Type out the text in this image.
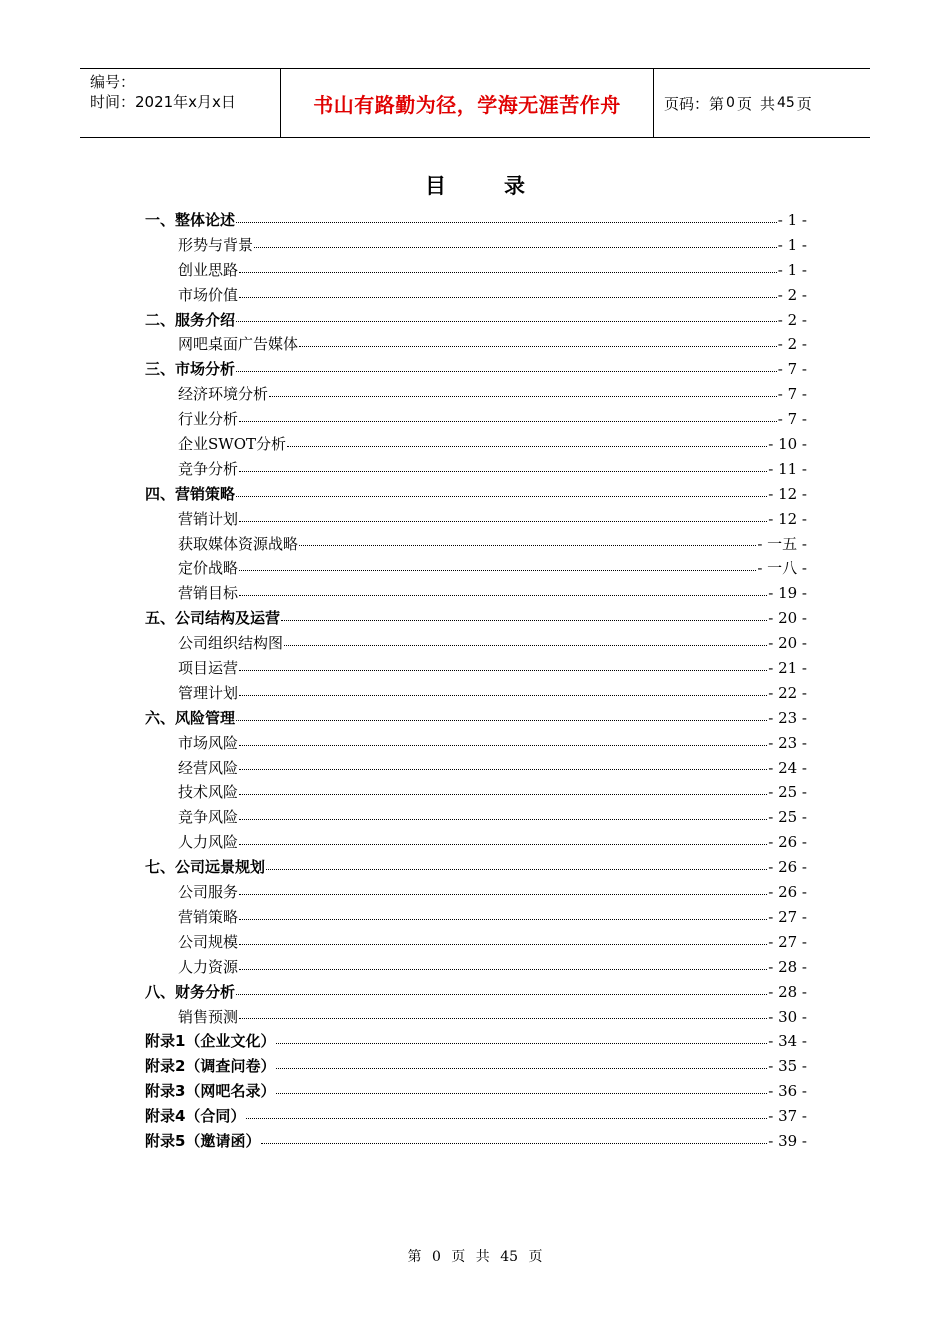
编号：
时间：2021年x月x日	书山有路勤为径，学海无涯苦作舟	页码：第 0 页 共 45 页
目	录
一、整体论述	- 1 -
形势与背景	- 1 -
创业思路	- 1 -
市场价值	- 2 -
二、服务介绍	- 2 -
网吧桌面广告媒体	- 2 -
三、市场分析	- 7 -
经济环境分析	- 7 -
行业分析	- 7 -
企业SWOT分析	- 10 -
竞争分析	- 11 -
四、营销策略	- 12 -
营销计划	- 12 -
获取媒体资源战略	- 一五 -
定价战略	- 一八 -
营销目标	- 19 -
五、公司结构及运营	- 20 -
公司组织结构图	- 20 -
项目运营	- 21 -
管理计划	- 22 -
六、风险管理	- 23 -
市场风险	- 23 -
经营风险	- 24 -
技术风险	- 25 -
竞争风险	- 25 -
人力风险	- 26 -
七、公司远景规划	- 26 -
公司服务	- 26 -
营销策略	- 27 -
公司规模	- 27 -
人力资源	- 28 -
八、财务分析	- 28 -
销售预测	- 30 -
附录1（企业文化）	- 34 -
附录2（调查问卷）	- 35 -
附录3（网吧名录）	- 36 -
附录4（合同）	- 37 -
附录5（邀请函）	- 39 -
第 0 页 共 45 页
